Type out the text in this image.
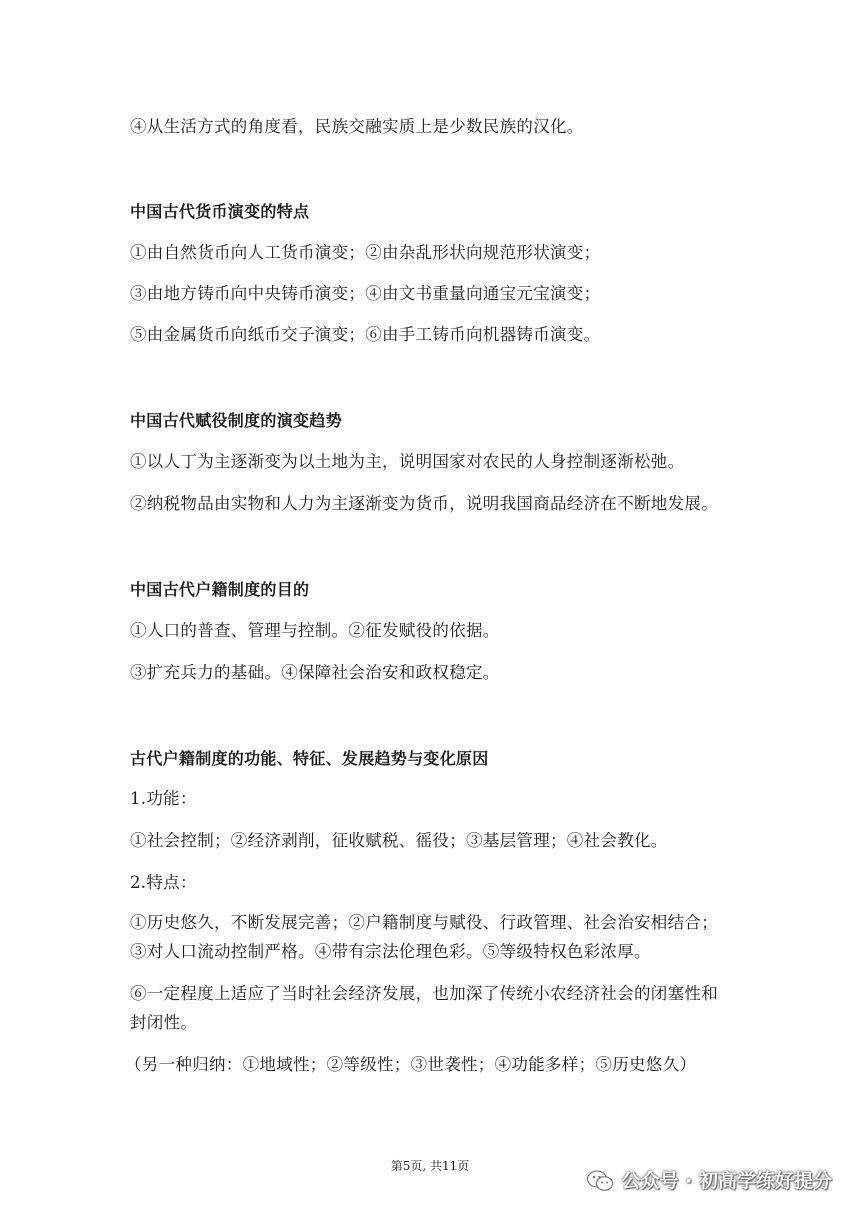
④从生活方式的角度看，民族交融实质上是少数民族的汉化。
中国古代货币演变的特点
①由自然货币向人工货币演变；②由杂乱形状向规范形状演变；
③由地方铸币向中央铸币演变；④由文书重量向通宝元宝演变；
⑤由金属货币向纸币交子演变；⑥由手工铸币向机器铸币演变。
中国古代赋役制度的演变趋势
①以人丁为主逐渐变为以土地为主，说明国家对农民的人身控制逐渐松弛。
②纳税物品由实物和人力为主逐渐变为货币，说明我国商品经济在不断地发展。
中国古代户籍制度的目的
①人口的普查、管理与控制。②征发赋役的依据。
③扩充兵力的基础。④保障社会治安和政权稳定。
古代户籍制度的功能、特征、发展趋势与变化原因
1.功能：
①社会控制；②经济剥削，征收赋税、徭役；③基层管理；④社会教化。
2.特点：
①历史悠久，不断发展完善；②户籍制度与赋役、行政管理、社会治安相结合；
③对人口流动控制严格。④带有宗法伦理色彩。⑤等级特权色彩浓厚。
⑥一定程度上适应了当时社会经济发展，也加深了传统小农经济社会的闭塞性和
封闭性。
（另一种归纳：①地域性；②等级性；③世袭性；④功能多样；⑤历史悠久）
第5页, 共11页
公众号 · 初高学练好提分
